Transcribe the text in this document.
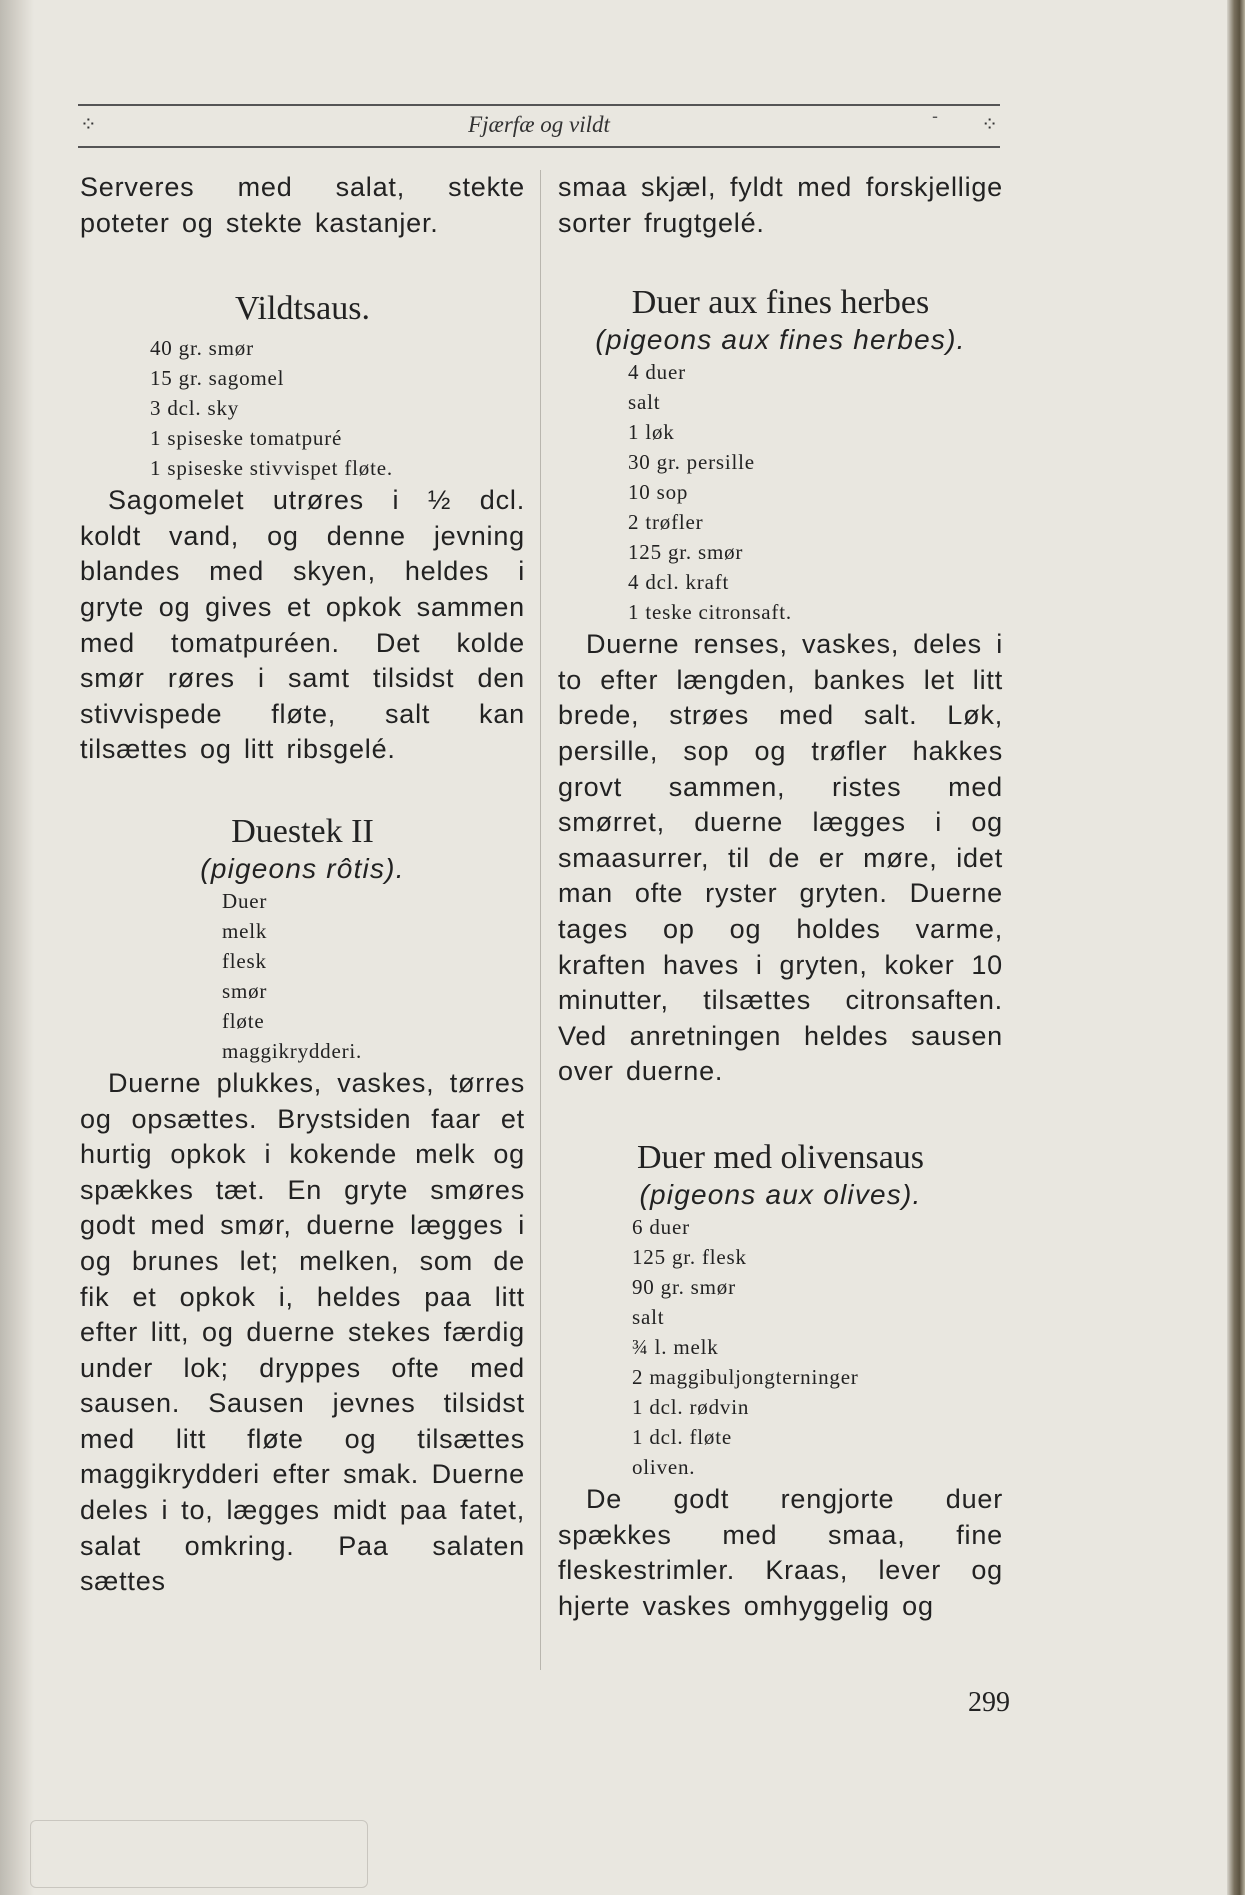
⁘	Fjærfæ og vildt	- ⁘

Serveres med salat, stekte poteter og stekte kastanjer.

Vildtsaus.
40 gr. smør
15 gr. sagomel
3 dcl. sky
1 spiseske tomatpuré
1 spiseske stivvispet fløte.

Sagomelet utrøres i ½ dcl. koldt vand, og denne jevning blandes med skyen, heldes i gryte og gives et opkok sammen med tomatpuréen. Det kolde smør røres i samt tilsidst den stivvispede fløte, salt kan tilsættes og litt ribsgelé.

Duestek II
(pigeons rôtis).
Duer
melk
flesk
smør
fløte
maggikrydderi.

Duerne plukkes, vaskes, tørres og opsættes. Brystsiden faar et hurtig opkok i kokende melk og spækkes tæt. En gryte smøres godt med smør, duerne lægges i og brunes let; melken, som de fik et opkok i, heldes paa litt efter litt, og duerne stekes færdig under lok; dryppes ofte med sausen. Sausen jevnes tilsidst med litt fløte og tilsættes maggikrydderi efter smak. Duerne deles i to, lægges midt paa fatet, salat omkring. Paa salaten sættes

smaa skjæl, fyldt med forskjellige sorter frugtgelé.

Duer aux fines herbes
(pigeons aux fines herbes).
4 duer
salt
1 løk
30 gr. persille
10 sop
2 trøfler
125 gr. smør
4 dcl. kraft
1 teske citronsaft.

Duerne renses, vaskes, deles i to efter længden, bankes let litt brede, strøes med salt. Løk, persille, sop og trøfler hakkes grovt sammen, ristes med smørret, duerne lægges i og smaasurrer, til de er møre, idet man ofte ryster gryten. Duerne tages op og holdes varme, kraften haves i gryten, koker 10 minutter, tilsættes citronsaften. Ved anretningen heldes sausen over duerne.

Duer med olivensaus
(pigeons aux olives).
6 duer
125 gr. flesk
90 gr. smør
salt
¾ l. melk
2 maggibuljongterninger
1 dcl. rødvin
1 dcl. fløte
oliven.

De godt rengjorte duer spækkes med smaa, fine fleskestrimler. Kraas, lever og hjerte vaskes omhyggelig og

299
